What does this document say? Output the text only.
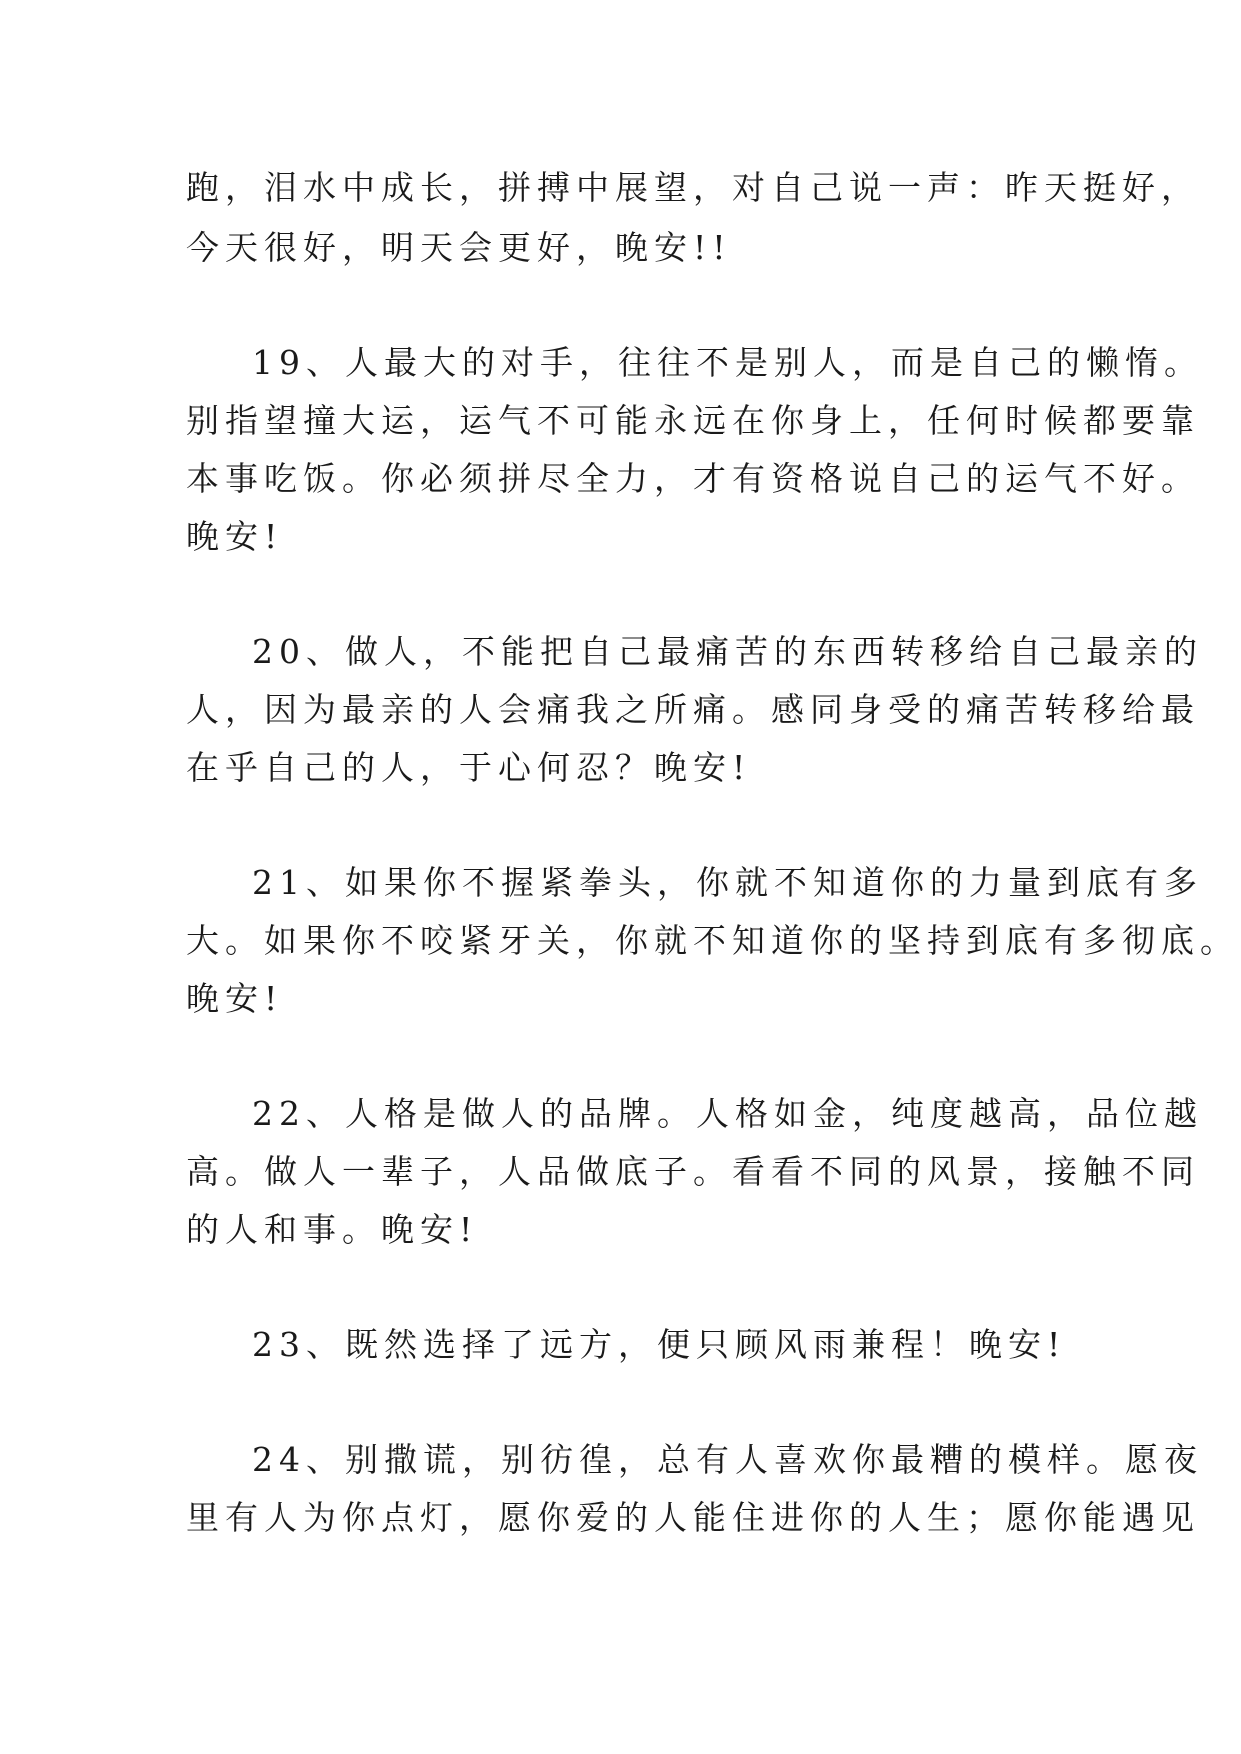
跑，泪水中成长，拼搏中展望，对自己说一声：昨天挺好，
今天很好，明天会更好，晚安!!
19、人最大的对手，往往不是别人，而是自己的懒惰。
别指望撞大运，运气不可能永远在你身上，任何时候都要靠
本事吃饭。你必须拼尽全力，才有资格说自己的运气不好。
晚安!
20、做人，不能把自己最痛苦的东西转移给自己最亲的
人，因为最亲的人会痛我之所痛。感同身受的痛苦转移给最
在乎自己的人，于心何忍？晚安!
21、如果你不握紧拳头，你就不知道你的力量到底有多
大。如果你不咬紧牙关，你就不知道你的坚持到底有多彻底。
晚安!
22、人格是做人的品牌。人格如金，纯度越高，品位越
高。做人一辈子，人品做底子。看看不同的风景，接触不同
的人和事。晚安!
23、既然选择了远方，便只顾风雨兼程！晚安!
24、别撒谎，别彷徨，总有人喜欢你最糟的模样。愿夜
里有人为你点灯，愿你爱的人能住进你的人生；愿你能遇见
